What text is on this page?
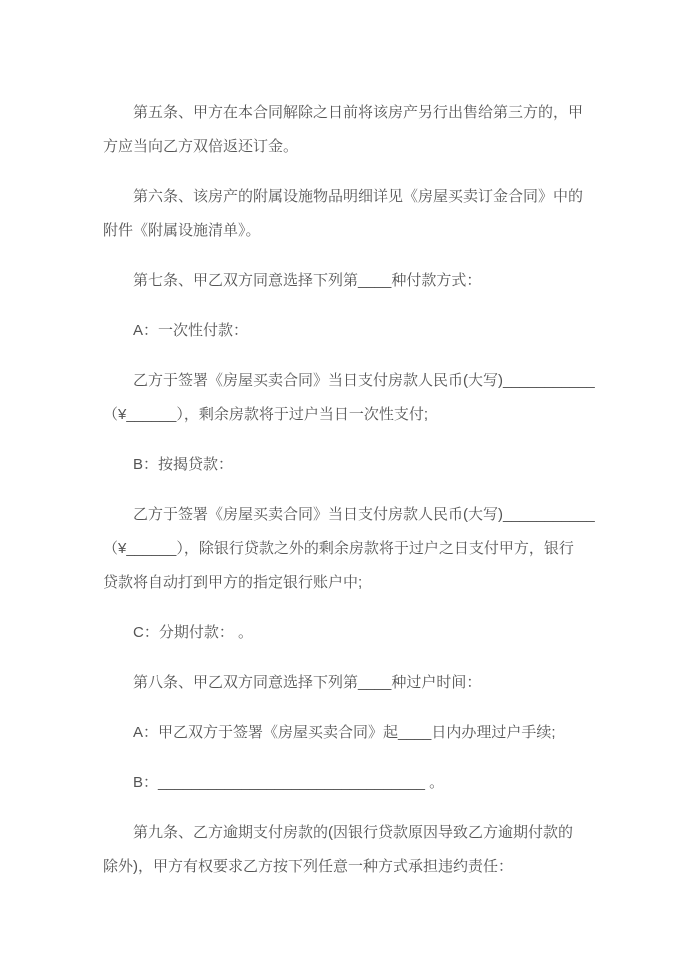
第五条、甲方在本合同解除之日前将该房产另行出售给第三方的，甲
方应当向乙方双倍返还订金。
第六条、该房产的附属设施物品明细详见《房屋买卖订金合同》中的
附件《附属设施清单》。
第七条、甲乙双方同意选择下列第____种付款方式：
A：一次性付款：
乙方于签署《房屋买卖合同》当日支付房款人民币(大写)___________
（¥______），剩余房款将于过户当日一次性支付;
B：按揭贷款：
乙方于签署《房屋买卖合同》当日支付房款人民币(大写)___________
（¥______），除银行贷款之外的剩余房款将于过户之日支付甲方，银行
贷款将自动打到甲方的指定银行账户中;
C：分期付款： 。
第八条、甲乙双方同意选择下列第____种过户时间：
A：甲乙双方于签署《房屋买卖合同》起____日内办理过户手续;
B：________________________________ 。
第九条、乙方逾期支付房款的(因银行贷款原因导致乙方逾期付款的
除外)，甲方有权要求乙方按下列任意一种方式承担违约责任：
